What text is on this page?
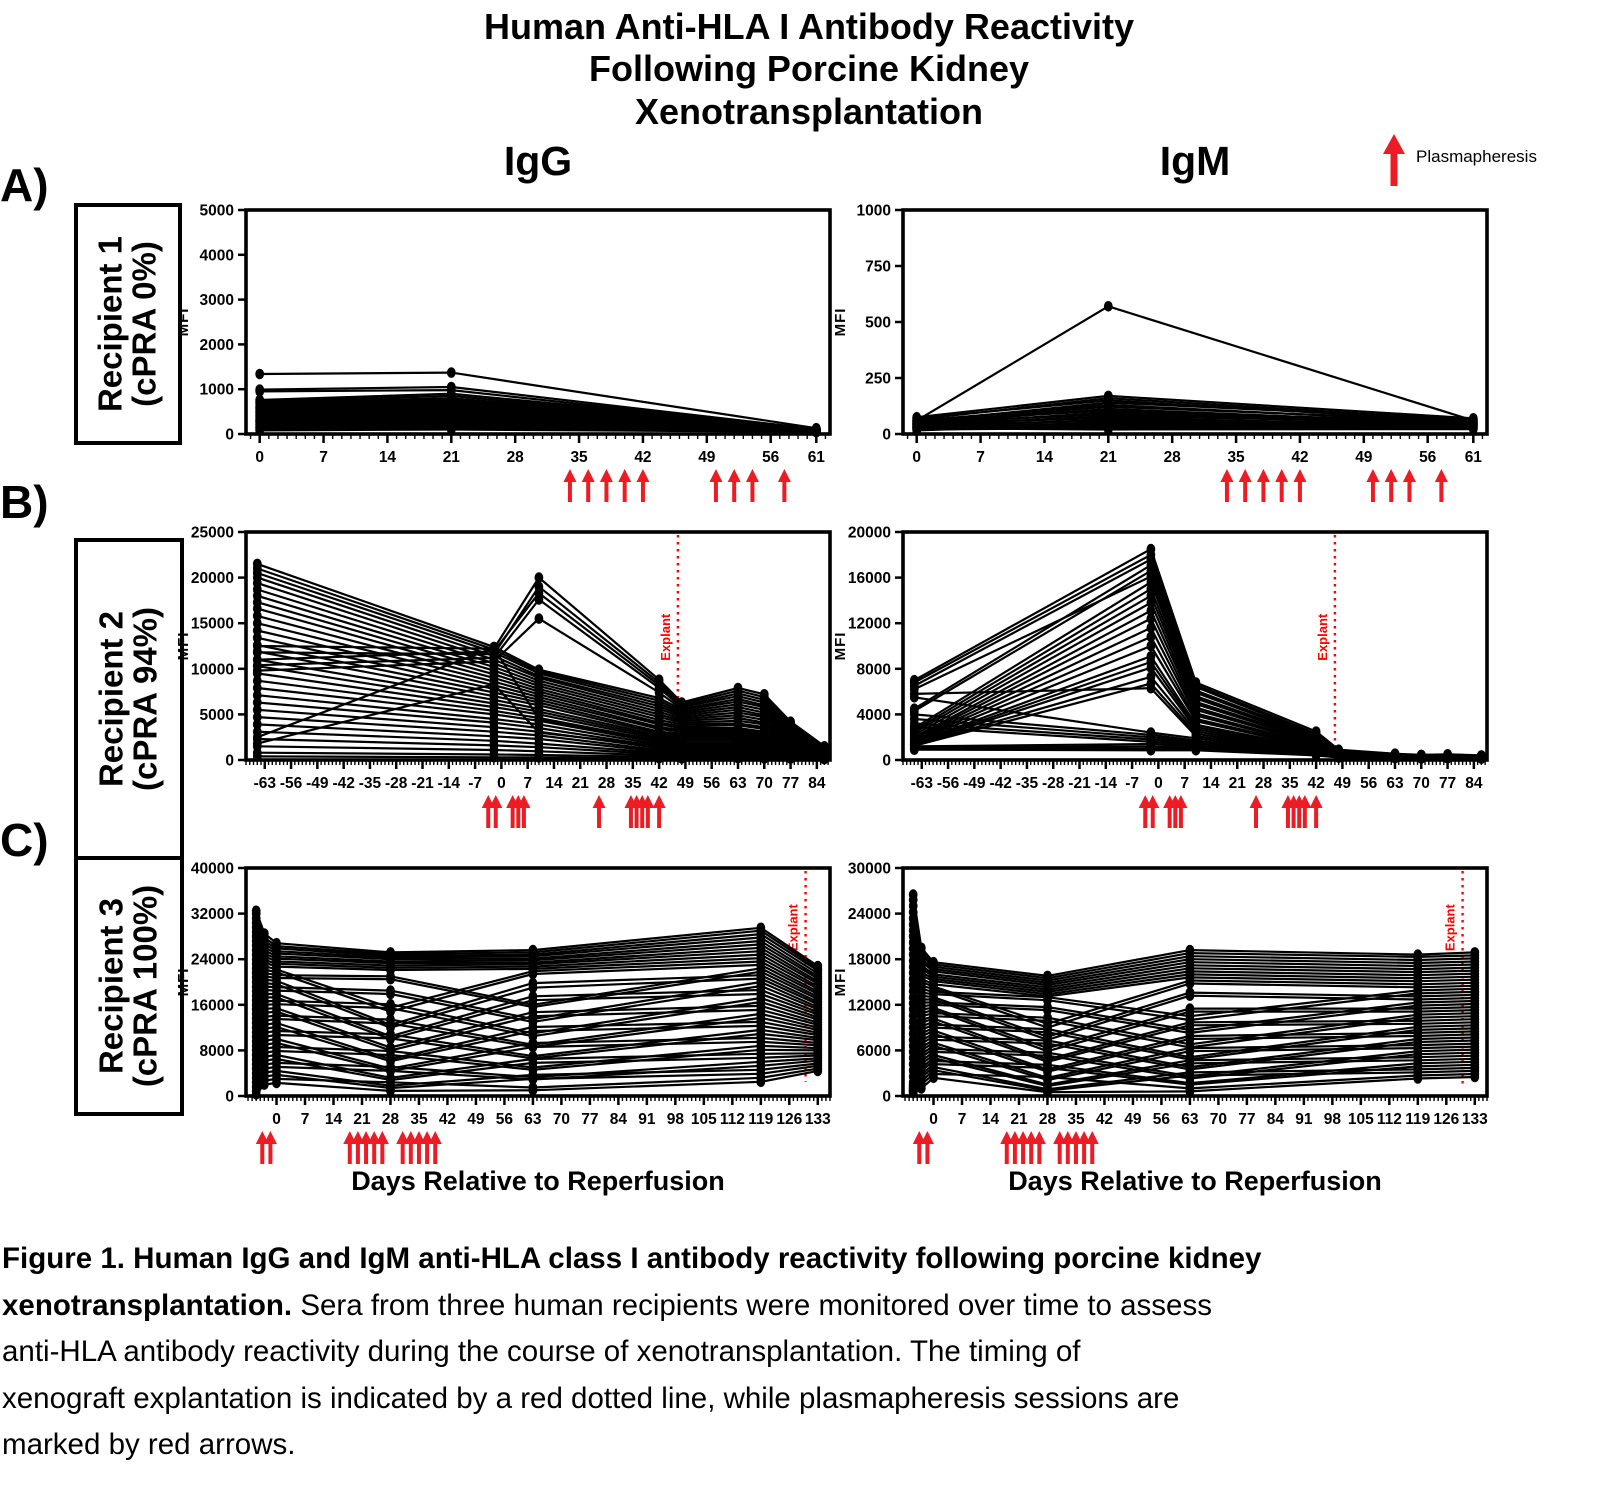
Human Anti-HLA I Antibody Reactivity
Following Porcine Kidney
Xenotransplantation
IgG	IgM	Plasmapheresis
A)
B)
C)
Recipient 1
(cPRA 0%)
Recipient 2
(cPRA 94%)
Recipient 3
(cPRA 100%)
0
1000
2000
3000
4000
5000
MFI
0	7	14	21	28	35	42	49	56 61
0
250
500
750
1000
MFI
0	7	14	21	28	35	42	49	56 61
0
5000
10000
15000
20000
25000
MFI
-63 -56 -49 -42 -35 -28 -21 -14 -7 0 7 14 21 28 35 42 49 56 63 70 77 84
Explant
0
4000
8000
12000
16000
20000
MFI
-63 -56 -49 -42 -35 -28 -21 -14 -7 0 7 14 21 28 35 42 49 56 63 70 77 84
Explant
0
8000
16000
24000
32000
40000
MFI
0 7 14 21 28 35 42 49 56 63 70 77 84 91 98 105 112 119 126 133
Explant
0
6000
12000
18000
24000
30000
MFI
0 7 14 21 28 35 42 49 56 63 70 77 84 91 98 105 112 119 126 133
Explant
Days Relative to Reperfusion	Days Relative to Reperfusion
Figure 1. Human IgG and IgM anti-HLA class I antibody reactivity following porcine kidney
xenotransplantation. Sera from three human recipients were monitored over time to assess
anti-HLA antibody reactivity during the course of xenotransplantation. The timing of
xenograft explantation is indicated by a red dotted line, while plasmapheresis sessions are
marked by red arrows.
